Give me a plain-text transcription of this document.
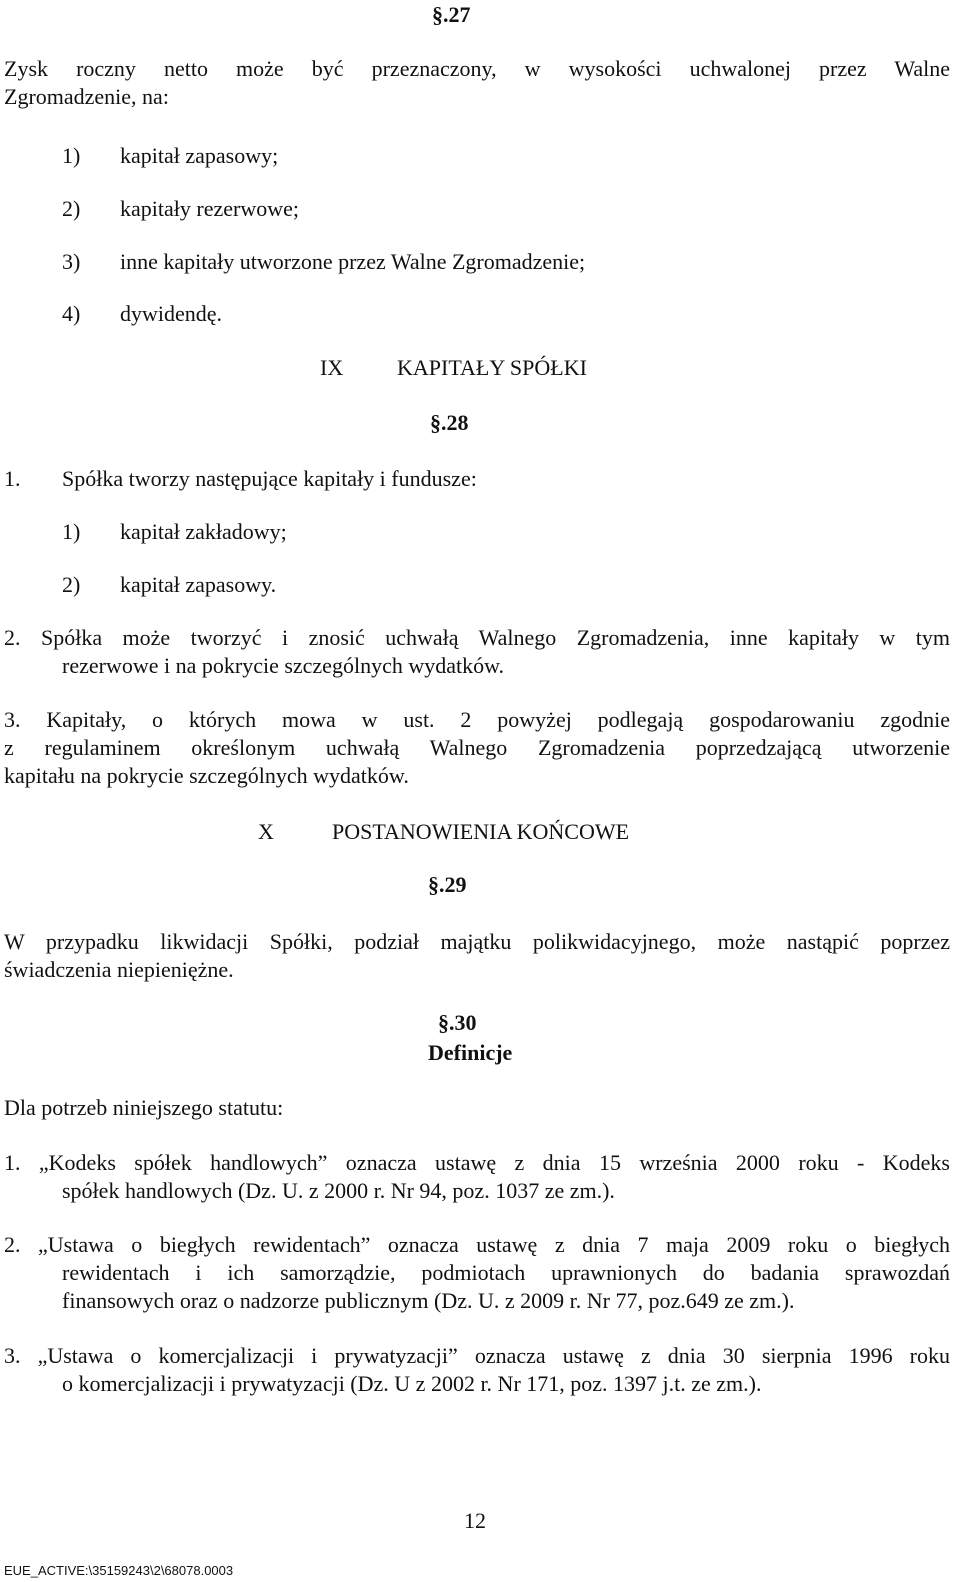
§.27
Zysk roczny netto może być przeznaczony, w wysokości uchwalonej przez Walne
Zgromadzenie, na:
1) kapitał zapasowy;
2) kapitały rezerwowe;
3) inne kapitały utworzone przez Walne Zgromadzenie;
4) dywidendę.
IX KAPITAŁY SPÓŁKI
§.28
1. Spółka tworzy następujące kapitały i fundusze:
1) kapitał zakładowy;
2) kapitał zapasowy.
2. Spółka może tworzyć i znosić uchwałą Walnego Zgromadzenia, inne kapitały w tym
rezerwowe i na pokrycie szczególnych wydatków.
3. Kapitały, o których mowa w ust. 2 powyżej podlegają gospodarowaniu zgodnie
z regulaminem określonym uchwałą Walnego Zgromadzenia poprzedzającą utworzenie
kapitału na pokrycie szczególnych wydatków.
X	POSTANOWIENIA KOŃCOWE
§.29
W przypadku likwidacji Spółki, podział majątku polikwidacyjnego, może nastąpić poprzez
świadczenia niepieniężne.
§.30
Definicje
Dla potrzeb niniejszego statutu:
1. „Kodeks spółek handlowych” oznacza ustawę z dnia 15 września 2000 roku - Kodeks
spółek handlowych (Dz. U. z 2000 r. Nr 94, poz. 1037 ze zm.).
2. „Ustawa o biegłych rewidentach” oznacza ustawę z dnia 7 maja 2009 roku o biegłych
rewidentach i ich samorządzie, podmiotach uprawnionych do badania sprawozdań
finansowych oraz o nadzorze publicznym (Dz. U. z 2009 r. Nr 77, poz.649 ze zm.).
3. „Ustawa o komercjalizacji i prywatyzacji” oznacza ustawę z dnia 30 sierpnia 1996 roku
o komercjalizacji i prywatyzacji (Dz. U z 2002 r. Nr 171, poz. 1397 j.t. ze zm.).
12
EUE_ACTIVE:\35159243\2\68078.0003
